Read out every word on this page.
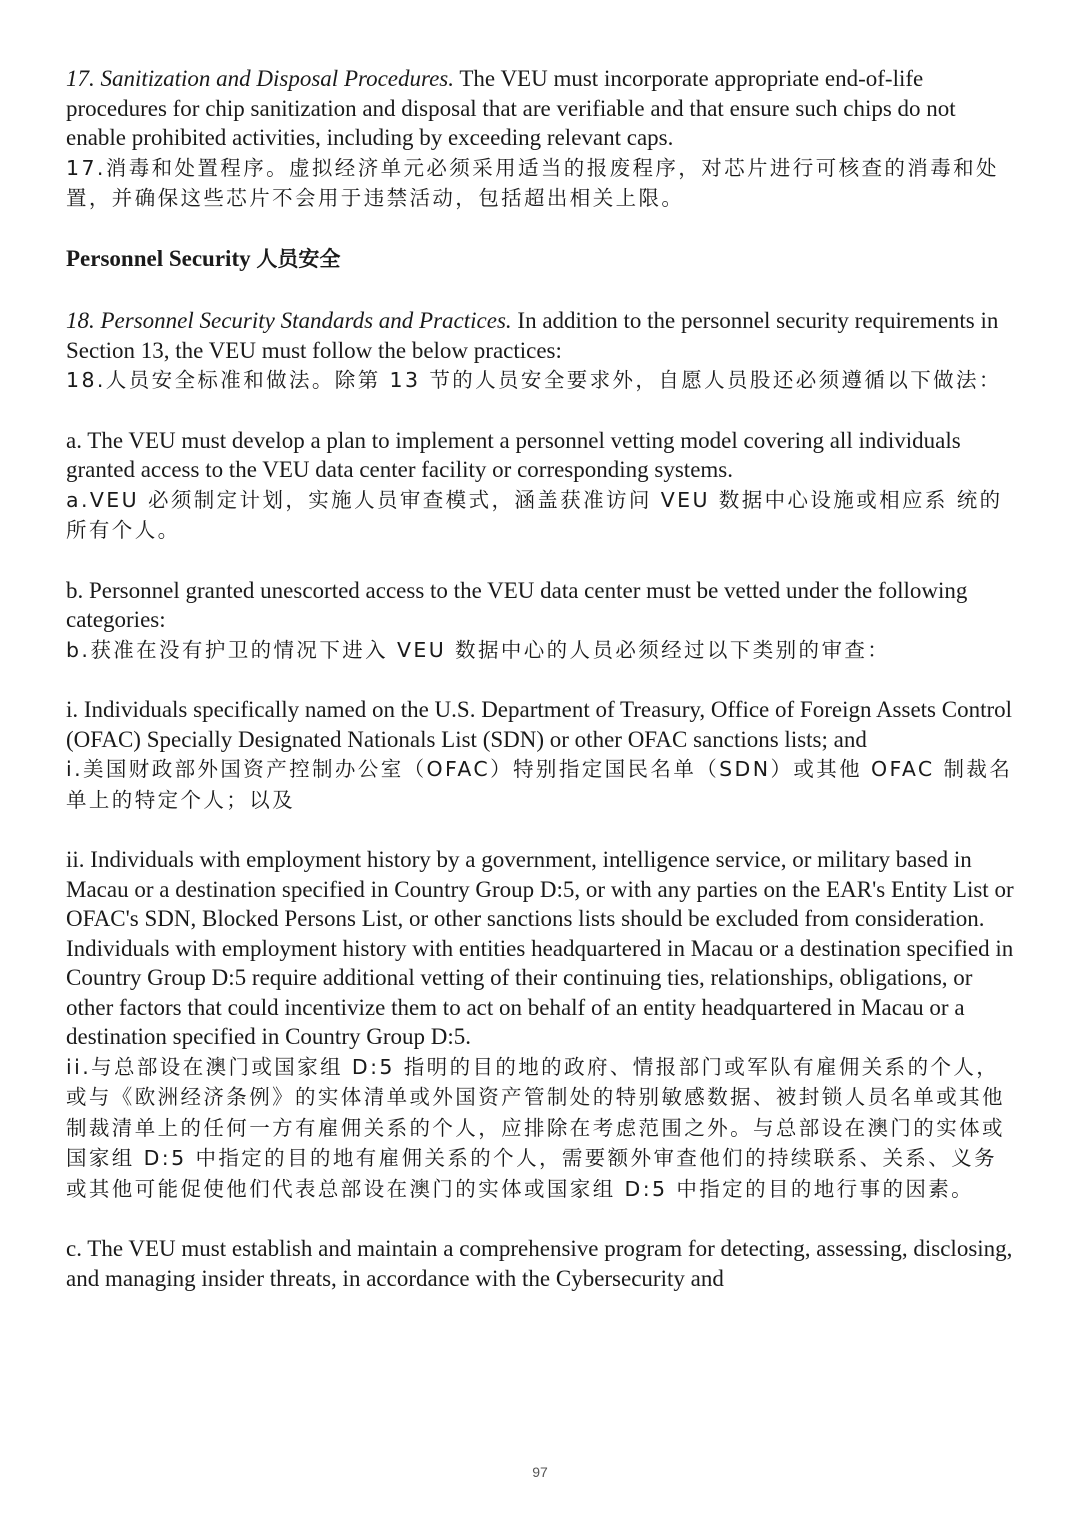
17. Sanitization and Disposal Procedures. The VEU must incorporate appropriate end-of-life procedures for chip sanitization and disposal that are verifiable and that ensure such chips do not enable prohibited activities, including by exceeding relevant caps.

17.消毒和处置程序。虚拟经济单元必须采用适当的报废程序，对芯片进行可核查的消毒和处置，并确保这些芯片不会用于违禁活动，包括超出相关上限。

Personnel Security 人员安全

18. Personnel Security Standards and Practices. In addition to the personnel security requirements in Section 13, the VEU must follow the below practices:

18.人员安全标准和做法。除第 13 节的人员安全要求外，自愿人员股还必须遵循以下做法：

a. The VEU must develop a plan to implement a personnel vetting model covering all individuals granted access to the VEU data center facility or corresponding systems.

a.VEU 必须制定计划，实施人员审查模式，涵盖获准访问 VEU 数据中心设施或相应系 统的所有个人。

b. Personnel granted unescorted access to the VEU data center must be vetted under the following categories:

b.获准在没有护卫的情况下进入 VEU 数据中心的人员必须经过以下类别的审查：

i. Individuals specifically named on the U.S. Department of Treasury, Office of Foreign Assets Control (OFAC) Specially Designated Nationals List (SDN) or other OFAC sanctions lists; and

i.美国财政部外国资产控制办公室（OFAC）特别指定国民名单（SDN）或其他 OFAC 制裁名单上的特定个人；以及

ii. Individuals with employment history by a government, intelligence service, or military based in Macau or a destination specified in Country Group D:5, or with any parties on the EAR's Entity List or OFAC's SDN, Blocked Persons List, or other sanctions lists should be excluded from consideration. Individuals with employment history with entities headquartered in Macau or a destination specified in Country Group D:5 require additional vetting of their continuing ties, relationships, obligations, or other factors that could incentivize them to act on behalf of an entity headquartered in Macau or a destination specified in Country Group D:5.

ii.与总部设在澳门或国家组 D:5 指明的目的地的政府、情报部门或军队有雇佣关系的个人，或与《欧洲经济条例》的实体清单或外国资产管制处的特别敏感数据、被封锁人员名单或其他制裁清单上的任何一方有雇佣关系的个人，应排除在考虑范围之外。与总部设在澳门的实体或国家组 D:5 中指定的目的地有雇佣关系的个人，需要额外审查他们的持续联系、关系、义务或其他可能促使他们代表总部设在澳门的实体或国家组 D:5 中指定的目的地行事的因素。

c. The VEU must establish and maintain a comprehensive program for detecting, assessing, disclosing, and managing insider threats, in accordance with the Cybersecurity and

97
